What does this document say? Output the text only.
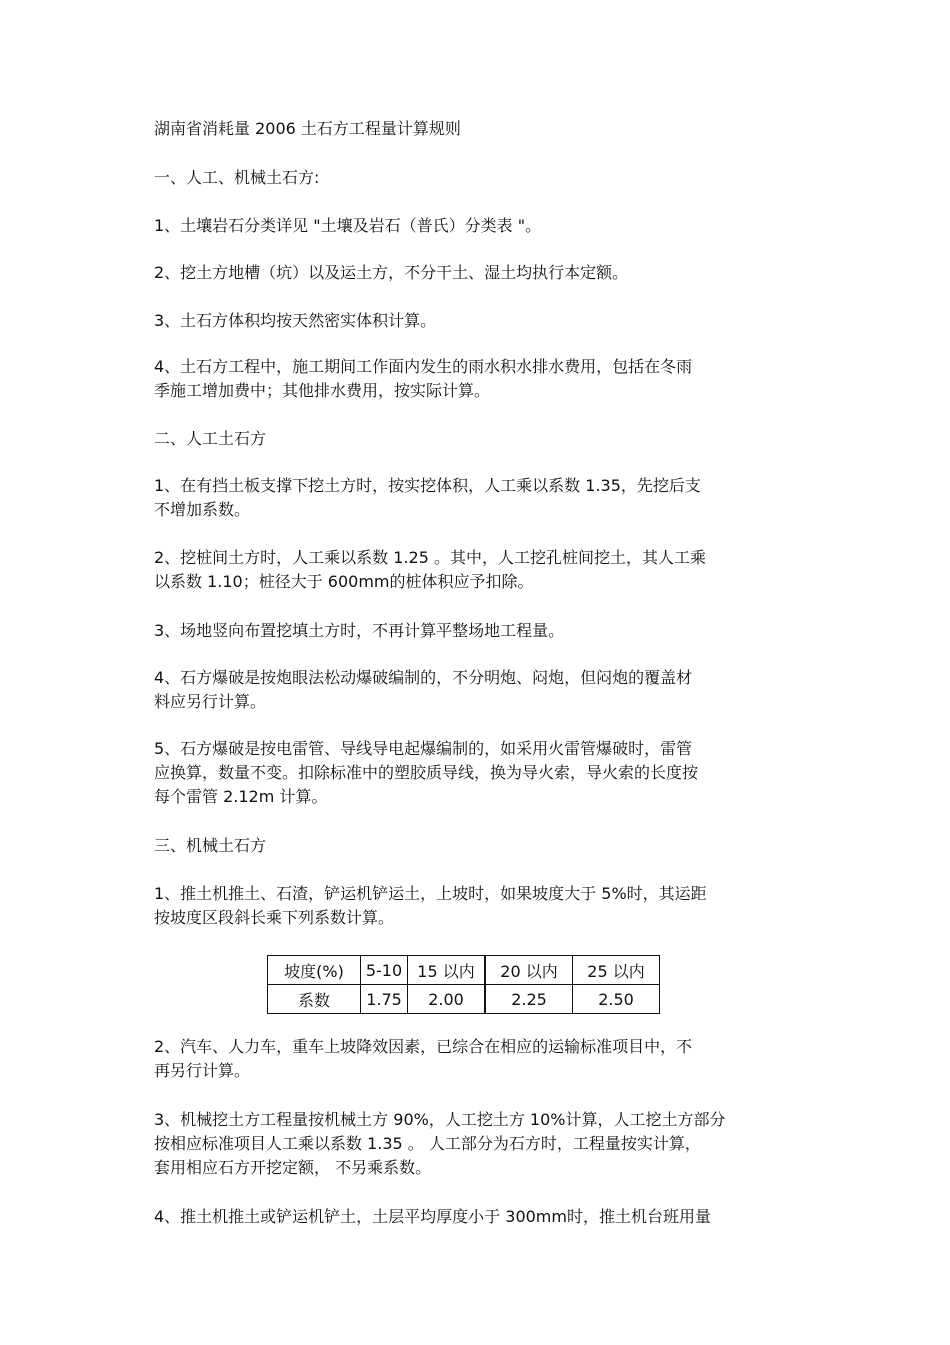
湖南省消耗量 2006 土石方工程量计算规则
一、人工、机械土石方:
1、土壤岩石分类详见 "土壤及岩石（普氏）分类表 "。
2、挖土方地槽（坑）以及运土方，不分干土、湿土均执行本定额。
3、土石方体积均按天然密实体积计算。
4、土石方工程中，施工期间工作面内发生的雨水积水排水费用，包括在冬雨
季施工增加费中；其他排水费用，按实际计算。
二、人工土石方
1、在有挡土板支撑下挖土方时，按实挖体积，人工乘以系数 1.35，先挖后支
不增加系数。
2、挖桩间土方时，人工乘以系数 1.25 。其中，人工挖孔桩间挖土，其人工乘
以系数 1.10；桩径大于 600mm的桩体积应予扣除。
3、场地竖向布置挖填土方时，不再计算平整场地工程量。
4、石方爆破是按炮眼法松动爆破编制的，不分明炮、闷炮，但闷炮的覆盖材
料应另行计算。
5、石方爆破是按电雷管、导线导电起爆编制的，如采用火雷管爆破时，雷管
应换算，数量不变。扣除标准中的塑胶质导线，换为导火索，导火索的长度按
每个雷管 2.12m 计算。
三、机械土石方
1、推土机推土、石渣，铲运机铲运土，上坡时，如果坡度大于 5%时，其运距
按坡度区段斜长乘下列系数计算。
坡度(%)	5-10	15 以内	20 以内	25 以内
系数	1.75	2.00	2.25	2.50
2、汽车、人力车，重车上坡降效因素，已综合在相应的运输标准项目中，不
再另行计算。
3、机械挖土方工程量按机械土方 90%，人工挖土方 10%计算，人工挖土方部分
按相应标准项目人工乘以系数 1.35 。 人工部分为石方时，工程量按实计算，
套用相应石方开挖定额， 不另乘系数。
4、推土机推土或铲运机铲土，土层平均厚度小于 300mm时，推土机台班用量
